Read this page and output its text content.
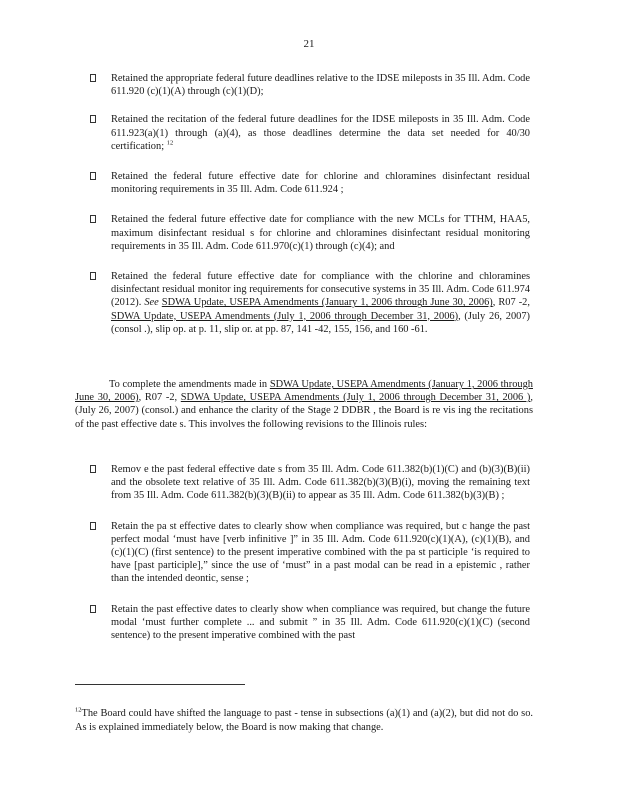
21

Retained the appropriate federal future deadlines relative to the IDSE mileposts in 35 Ill. Adm. Code 611.920 (c)(1)(A) through (c)(1)(D);

Retained the recitation of the federal future deadlines for the IDSE mileposts in 35 Ill. Adm. Code 611.923(a)(1) through (a)(4), as those deadlines determine the data set needed for 40/30 certification; $^{12}$

Retained the federal future effective date for chlorine and chloramines disinfectant residual monitoring requirements in 35 Ill. Adm. Code 611.924 ;

Retained the federal future effective date for compliance with the new MCLs for TTHM, HAA5, maximum disinfectant residual s for chlorine and chloramines disinfectant residual monitoring requirements in 35 Ill. Adm. Code 611.970(c)(1) through (c)(4); and

Retained the federal future effective date for compliance with the chlorine and chloramines disinfectant residual monitor ing requirements for consecutive systems in 35 Ill. Adm. Code 611.974 (2012). See SDWA Update, USEPA Amendments (January 1, 2006 through June 30, 2006), R07 -2, SDWA Update, USEPA Amendments (July 1, 2006 through December 31, 2006), (July 26, 2007) (consol .), slip op. at p. 11, slip or. at pp. 87, 141 -42, 155, 156, and 160 -61.

To complete the amendments made in SDWA Update, USEPA Amendments (January 1, 2006 through June 30, 2006), R07 -2, SDWA Update, USEPA Amendments (July 1, 2006 through December 31, 2006 ), (July 26, 2007) (consol.) and enhance the clarity of the Stage 2 DDBR , the Board is re vis ing the recitations of the past effective date s. This involves the following revisions to the Illinois rules:

Remov e the past federal effective date s from 35 Ill. Adm. Code 611.382(b)(1)(C) and (b)(3)(B)(ii) and the obsolete text relative of 35 Ill. Adm. Code 611.382(b)(3)(B)(i), moving the remaining text from 35 Ill. Adm. Code 611.382(b)(3)(B)(ii) to appear as 35 Ill. Adm. Code 611.382(b)(3)(B) ;

Retain the pa st effective dates to clearly show when compliance was required, but c hange the past perfect modal ‘must have [verb infinitive ]” in 35 Ill. Adm. Code 611.920(c)(1)(A), (c)(1)(B), and (c)(1)(C) (first sentence) to the present imperative combined with the pa st participle ‘is required to have [past participle],” since the use of ‘must” in a past modal can be read in a epistemic , rather than the intended deontic, sense ;

Retain the past effective dates to clearly show when compliance was required, but change the future modal ‘must further complete ... and submit ” in 35 Ill. Adm. Code 611.920(c)(1)(C) (second sentence) to the present imperative combined with the past

$^{12}$The Board could have shifted the language to past - tense in subsections (a)(1) and (a)(2), but did not do so. As is explained immediately below, the Board is now making that change.
